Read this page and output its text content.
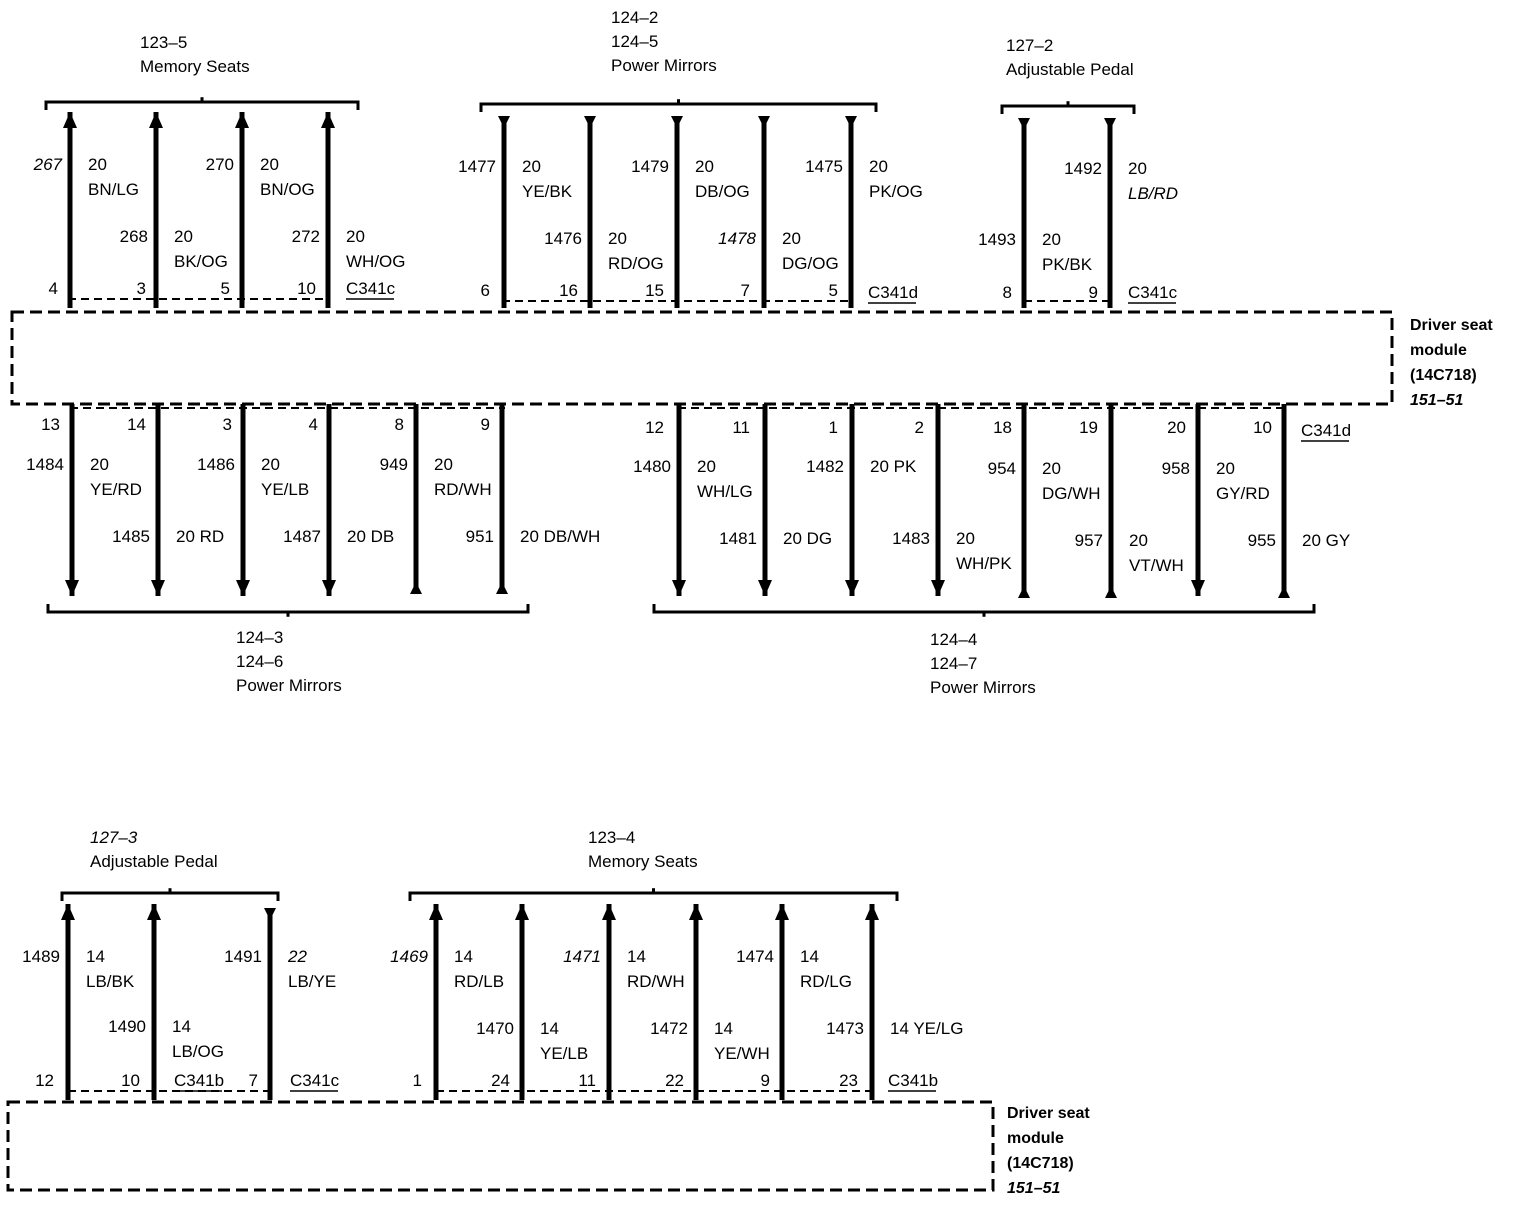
Driver seat
module
(14C718)
151–51
Driver seat
module
(14C718)
151–51
123–5
Memory Seats
124–2
124–5
Power Mirrors
127–2
Adjustable Pedal
124–3
124–6
Power Mirrors
124–4
124–7
Power Mirrors
127–3
Adjustable Pedal
123–4
Memory Seats
C341c	C341d	C341c
C341d
C341b	C341c	C341b
267 20
BN/LG
4
268 20
BK/OG
3
270 20
BN/OG
5
272 20
WH/OG
10
1477 20
YE/BK
6
1476 20
RD/OG
16
1479 20
DB/OG
15
1478 20
DG/OG
7
1475 20
PK/OG
5
1493 20
PK/BK
8
1492 20
LB/RD
9
1484 20
YE/RD
13
1485 20 RD
14
1486 20
YE/LB
3
1487 20 DB
4
949 20
RD/WH
8
951 20 DB/WH
9
1480 20
WH/LG
12
1481 20 DG
11
1482 20 PK
1
1483 20
WH/PK
2
954 20
DG/WH
18
957 20
VT/WH
19
958 20
GY/RD
20
955 20 GY
10
1489 14
LB/BK
12
1490 14
LB/OG
10
1491 22
LB/YE
7
1469 14
RD/LB
1
1470 14
YE/LB
24
1471 14
RD/WH
11
1472 14
YE/WH
22
1474 14
RD/LG
9
1473 14 YE/LG
23
